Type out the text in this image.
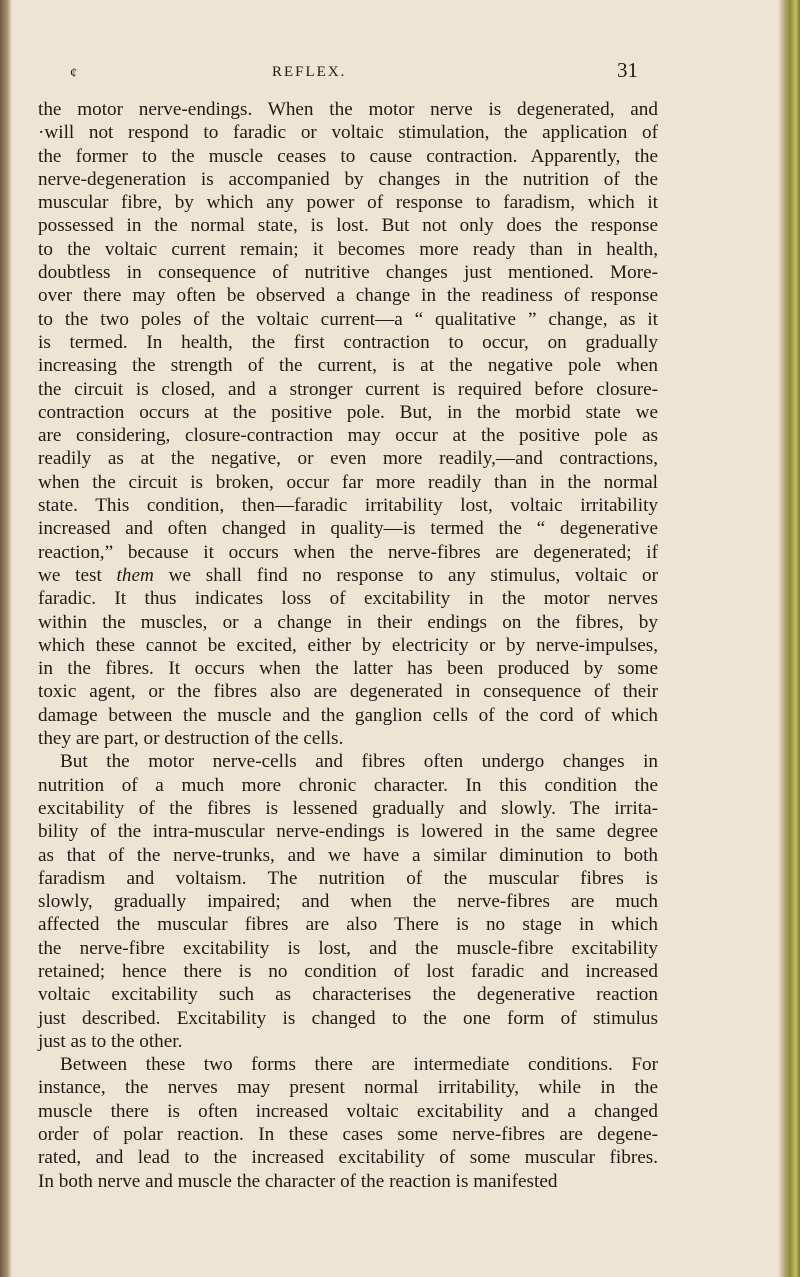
¢	REFLEX.	31
the motor nerve-endings. When the motor nerve is degenerated, and
·will not respond to faradic or voltaic stimulation, the application of
the former to the muscle ceases to cause contraction. Apparently, the
nerve-degeneration is accompanied by changes in the nutrition of the
muscular fibre, by which any power of response to faradism, which it
possessed in the normal state, is lost. But not only does the response
to the voltaic current remain; it becomes more ready than in health,
doubtless in consequence of nutritive changes just mentioned. More-
over there may often be observed a change in the readiness of response
to the two poles of the voltaic current—a “ qualitative ” change, as it
is termed. In health, the first contraction to occur, on gradually
increasing the strength of the current, is at the negative pole when
the circuit is closed, and a stronger current is required before closure-
contraction occurs at the positive pole. But, in the morbid state we
are considering, closure-contraction may occur at the positive pole as
readily as at the negative, or even more readily,—and contractions,
when the circuit is broken, occur far more readily than in the normal
state. This condition, then—faradic irritability lost, voltaic irritability
increased and often changed in quality—is termed the “ degenerative
reaction,” because it occurs when the nerve-fibres are degenerated; if
we test them we shall find no response to any stimulus, voltaic or
faradic. It thus indicates loss of excitability in the motor nerves
within the muscles, or a change in their endings on the fibres, by
which these cannot be excited, either by electricity or by nerve-impulses,
in the fibres. It occurs when the latter has been produced by some
toxic agent, or the fibres also are degenerated in consequence of their
damage between the muscle and the ganglion cells of the cord of which
they are part, or destruction of the cells.
But the motor nerve-cells and fibres often undergo changes in
nutrition of a much more chronic character. In this condition the
excitability of the fibres is lessened gradually and slowly. The irrita-
bility of the intra-muscular nerve-endings is lowered in the same degree
as that of the nerve-trunks, and we have a similar diminution to both
faradism and voltaism. The nutrition of the muscular fibres is
slowly, gradually impaired; and when the nerve-fibres are much
affected the muscular fibres are also There is no stage in which
the nerve-fibre excitability is lost, and the muscle-fibre excitability
retained; hence there is no condition of lost faradic and increased
voltaic excitability such as characterises the degenerative reaction
just described. Excitability is changed to the one form of stimulus
just as to the other.
Between these two forms there are intermediate conditions. For
instance, the nerves may present normal irritability, while in the
muscle there is often increased voltaic excitability and a changed
order of polar reaction. In these cases some nerve-fibres are degene-
rated, and lead to the increased excitability of some muscular fibres.
In both nerve and muscle the character of the reaction is manifested
